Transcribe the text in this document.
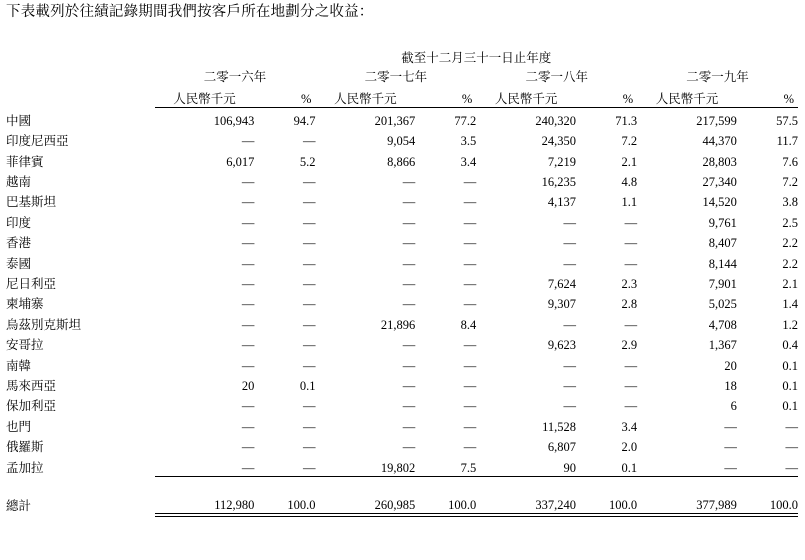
下表載列於往績記錄期間我們按客戶所在地劃分之收益：
	截至十二月三十一日止年度							
	二零一六年		二零一七年		二零一八年		二零一九年	
	人民幣千元	%	人民幣千元	%	人民幣千元	%	人民幣千元	%

中國	106,943	94.7	201,367	77.2	240,320	71.3	217,599	57.5
印度尼西亞	—	—	9,054	3.5	24,350	7.2	44,370	11.7
菲律賓	6,017	5.2	8,866	3.4	7,219	2.1	28,803	7.6
越南	—	—	—	—	16,235	4.8	27,340	7.2
巴基斯坦	—	—	—	—	4,137	1.1	14,520	3.8
印度	—	—	—	—	—	—	9,761	2.5
香港	—	—	—	—	—	—	8,407	2.2
泰國	—	—	—	—	—	—	8,144	2.2
尼日利亞	—	—	—	—	7,624	2.3	7,901	2.1
柬埔寨	—	—	—	—	9,307	2.8	5,025	1.4
烏茲別克斯坦	—	—	21,896	8.4	—	—	4,708	1.2
安哥拉	—	—	—	—	9,623	2.9	1,367	0.4
南韓	—	—	—	—	—	—	20	0.1
馬來西亞	20	0.1	—	—	—	—	18	0.1
保加利亞	—	—	—	—	—	—	6	0.1
也門	—	—	—	—	11,528	3.4	—	—
俄羅斯	—	—	—	—	6,807	2.0	—	—
孟加拉	—	—	19,802	7.5	90	0.1	—	—

總計	112,980	100.0	260,985	100.0	337,240	100.0	377,989	100.0
